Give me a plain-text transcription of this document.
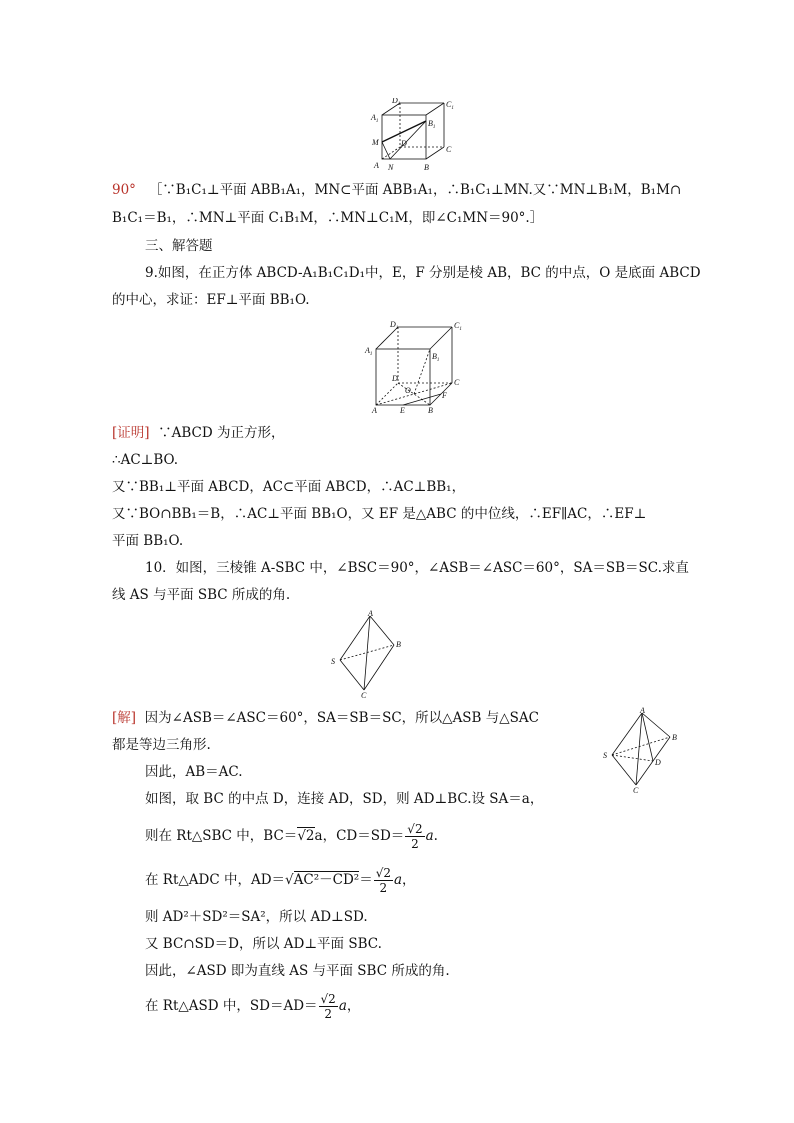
$D_1$	$C_1$
$A_1$	$B_1$
M	D
C
A N	B
90° ［∵B₁C₁⊥平面 ABB₁A₁，MN⊂平面 ABB₁A₁，∴B₁C₁⊥MN.又∵MN⊥B₁M，B₁M∩
B₁C₁＝B₁，∴MN⊥平面 C₁B₁M，∴MN⊥C₁M，即∠C₁MN＝90°.］
三、解答题
9.如图，在正方体 ABCD-A₁B₁C₁D₁中，E，F 分别是棱 AB，BC 的中点，O 是底面 ABCD
的中心，求证：EF⊥平面 BB₁O.
$D_1$	$C_1$
$A_1$	$B_1$
D
O
C
F
A	E	B
[证明] ∵ABCD 为正方形，
∴AC⊥BO.
又∵BB₁⊥平面 ABCD，AC⊂平面 ABCD，∴AC⊥BB₁，
又∵BO∩BB₁＝B，∴AC⊥平面 BB₁O，又 EF 是△ABC 的中位线，∴EF∥AC，∴EF⊥
平面 BB₁O.
10．如图，三棱锥 A-SBC 中，∠BSC＝90°，∠ASB＝∠ASC＝60°，SA＝SB＝SC.求直
线 AS 与平面 SBC 所成的角.
A
B
S
C
A
B
S
D
C
[解] 因为∠ASB＝∠ASC＝60°，SA＝SB＝SC，所以△ASB 与△SAC
都是等边三角形.
因此，AB＝AC.
如图，取 BC 的中点 D，连接 AD，SD，则 AD⊥BC.设 SA＝a，
则在 Rt△SBC 中，BC＝√2a，$CD=SD= \frac{√2}{2} a$.
在 Rt△ADC 中，$AD=√AC^2-CD^2= \frac{√2}{2}$ a，
则 AD²＋SD²＝SA²，所以 AD⊥SD.
又 BC∩SD＝D，所以 AD⊥平面 SBC.
因此，∠ASD 即为直线 AS 与平面 SBC 所成的角.
在 Rt△ASD 中，$SD=AD= \frac{√2}{2}$ a，
